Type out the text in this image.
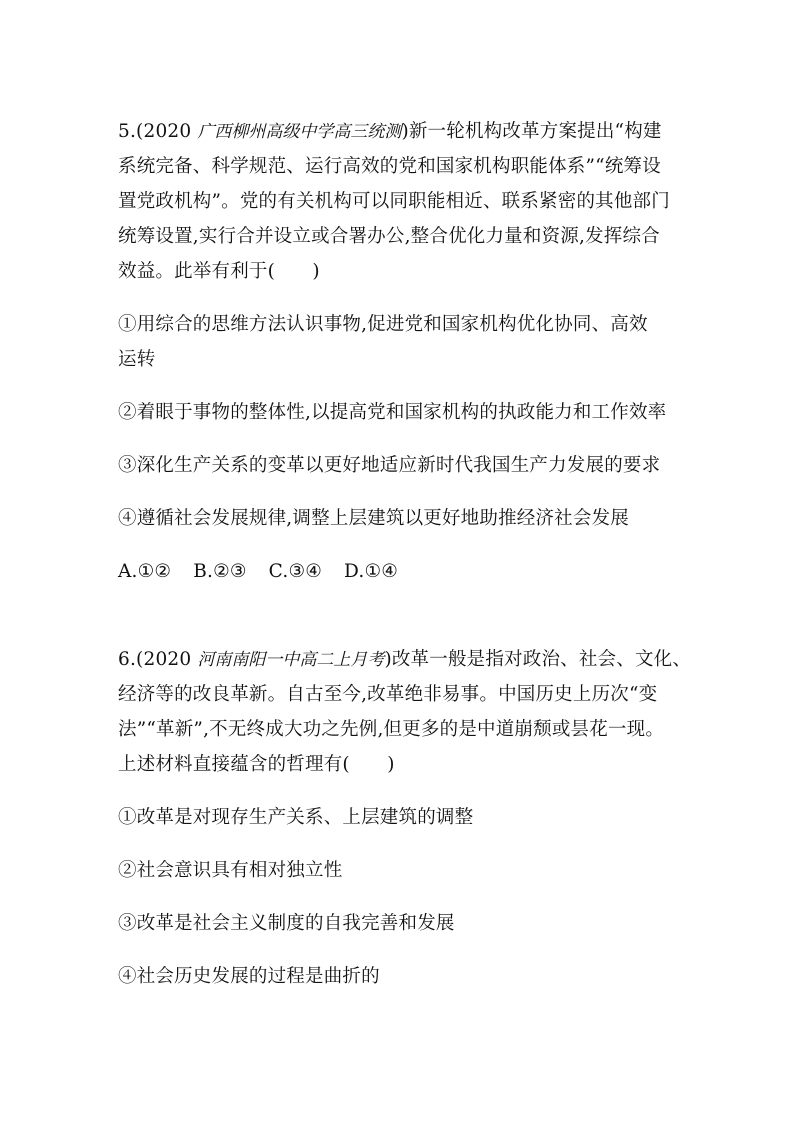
5.(2020 广西柳州高级中学高三统测)新一轮机构改革方案提出“构建
系统完备、科学规范、运行高效的党和国家机构职能体系”“统筹设
置党政机构”。党的有关机构可以同职能相近、联系紧密的其他部门
统筹设置,实行合并设立或合署办公,整合优化力量和资源,发挥综合
效益。此举有利于(　　)
①用综合的思维方法认识事物,促进党和国家机构优化协同、高效
运转
②着眼于事物的整体性,以提高党和国家机构的执政能力和工作效率
③深化生产关系的变革以更好地适应新时代我国生产力发展的要求
④遵循社会发展规律,调整上层建筑以更好地助推经济社会发展
A.①② B.②③ C.③④ D.①④
6.(2020 河南南阳一中高二上月考)改革一般是指对政治、社会、文化、
经济等的改良革新。自古至今,改革绝非易事。中国历史上历次“变
法”“革新”,不无终成大功之先例,但更多的是中道崩颓或昙花一现。
上述材料直接蕴含的哲理有(　　)
①改革是对现存生产关系、上层建筑的调整
②社会意识具有相对独立性
③改革是社会主义制度的自我完善和发展
④社会历史发展的过程是曲折的
